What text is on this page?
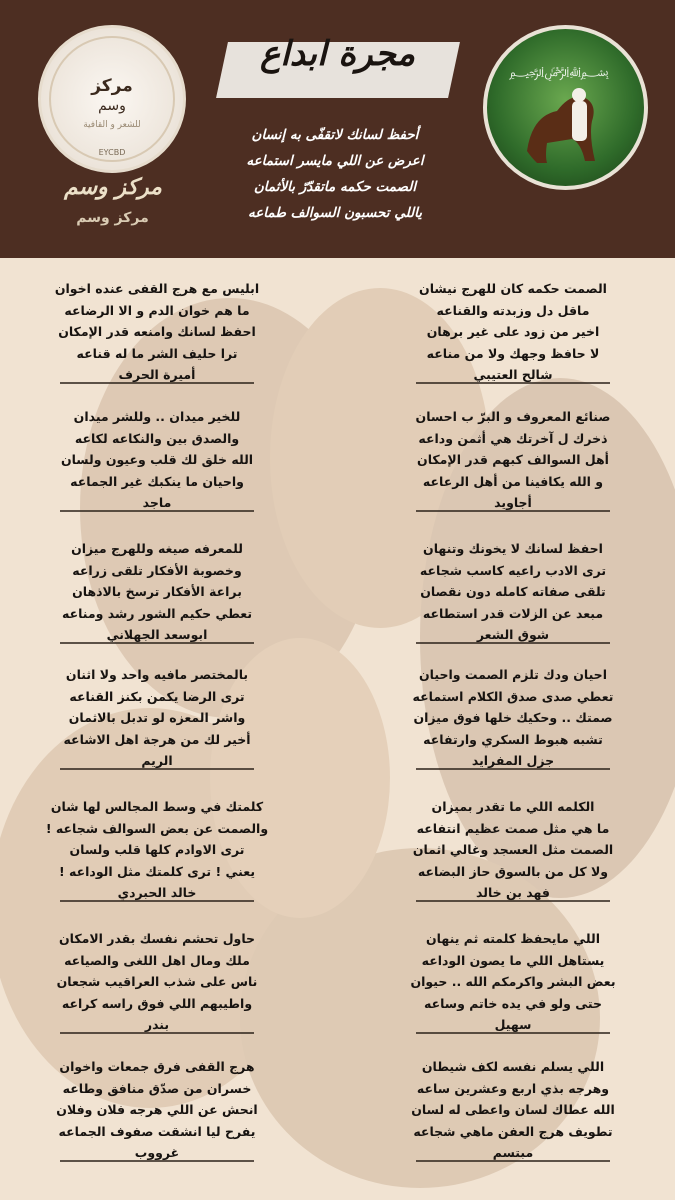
﷽
مركز
وسم
للشعر و القافية
EYCBD
مجرة ابداع
أحفظ لسانك لاتقفّى به إنسان
اعرض عن اللي مايسر استماعه
الصمت حكمه ماتقدّرّ بالأثمان
ياللي تحسبون السوالف طماعه
مركز وسم
مركز وسم
الصمت حكمه كان للهرج نيشان
ماقل دل وزبدته والقناعه
اخير من زود على غير برهان
لا حافظ وجهك ولا من مناعه
شالح العتيبي
صنائع المعروف و البرّ ب احسان
ذخرك ل آخرتك هي أثمن وداعه
أهل السوالف كبهم قدر الإمكان
و الله يكافينا من أهل الرعاعه
أجاويد
احفظ لسانك لا يخونك وتنهان
ترى الادب راعيه كاسب شجاعه
تلقى صفاته كامله دون نقصان
مبعد عن الزلات قدر استطاعه
شوق الشعر
احيان ودك تلزم الصمت واحيان
تعطي صدى صدق الكلام استماعه
صمتك .. وحكيك خلها فوق ميزان
تشبه هبوط السكري وارتفاعه
جزل المفرايد
الكلمه اللي ما تقدر بميزان
ما هي مثل صمت عظيم انتفاعه
الصمت مثل العسجد وغالي اثمان
ولا كل من بالسوق حاز البضاعه
فهد بن خالد
اللي مايحفظ كلمته ثم ينهان
يستاهل اللي ما يصون الوداعه
بعض البشر واكرمكم الله .. حيوان
حتى ولو في يده خاتم وساعه
سهيل
اللي يسلم نفسه لكف شيطان
وهرجه بذي اربع وعشرين ساعه
الله عطاك لسان واعطى له لسان
تطويف هرج العفن ماهي شجاعه
مبتسم
ابليس مع هرج القفى عنده اخوان
ما هم خوان الدم و الا الرضاعه
احفظ لسانك وامنعه قدر الإمكان
ترا حليف الشر ما له قناعه
أميرة الحرف
للخير ميدان .. وللشر ميدان
والصدق بين والنكاعه لكاعه
الله خلق لك قلب وعيون ولسان
واحيان ما ينكبك غير الجماعه
ماجد
للمعرفه صيغه وللهرج ميزان
وخصوبة الأفكار تلقى زراعه
براعة الأفكار ترسخ بالاذهان
تعطي حكيم الشور رشد ومناعه
ابوسعد الجهلاني
بالمختصر مافيه واحد ولا اثنان
ترى الرضا يكمن بكنز القناعه
واشر المعزه لو تدبل بالاثمان
أخير لك من هرجة اهل الاشاعه
الريم
كلمتك في وسط المجالس لها شان
والصمت عن بعض السوالف شجاعه !
ترى الاوادم كلها قلب ولسان
يعني ! ترى كلمتك مثل الوداعه !
خالد الحبردي
حاول تحشم نفسك بقدر الامكان
ملك ومال اهل اللغى والصياعه
ناس على شذب العراقيب شجعان
واطيبهم اللي فوق راسه كراعه
بندر
هرج القفى فرق جمعات واخوان
خسران من صدّق منافق وطاعه
انحش عن اللي هرجه فلان وفلان
يفرح ليا انشقت صفوف الجماعه
غرووب
